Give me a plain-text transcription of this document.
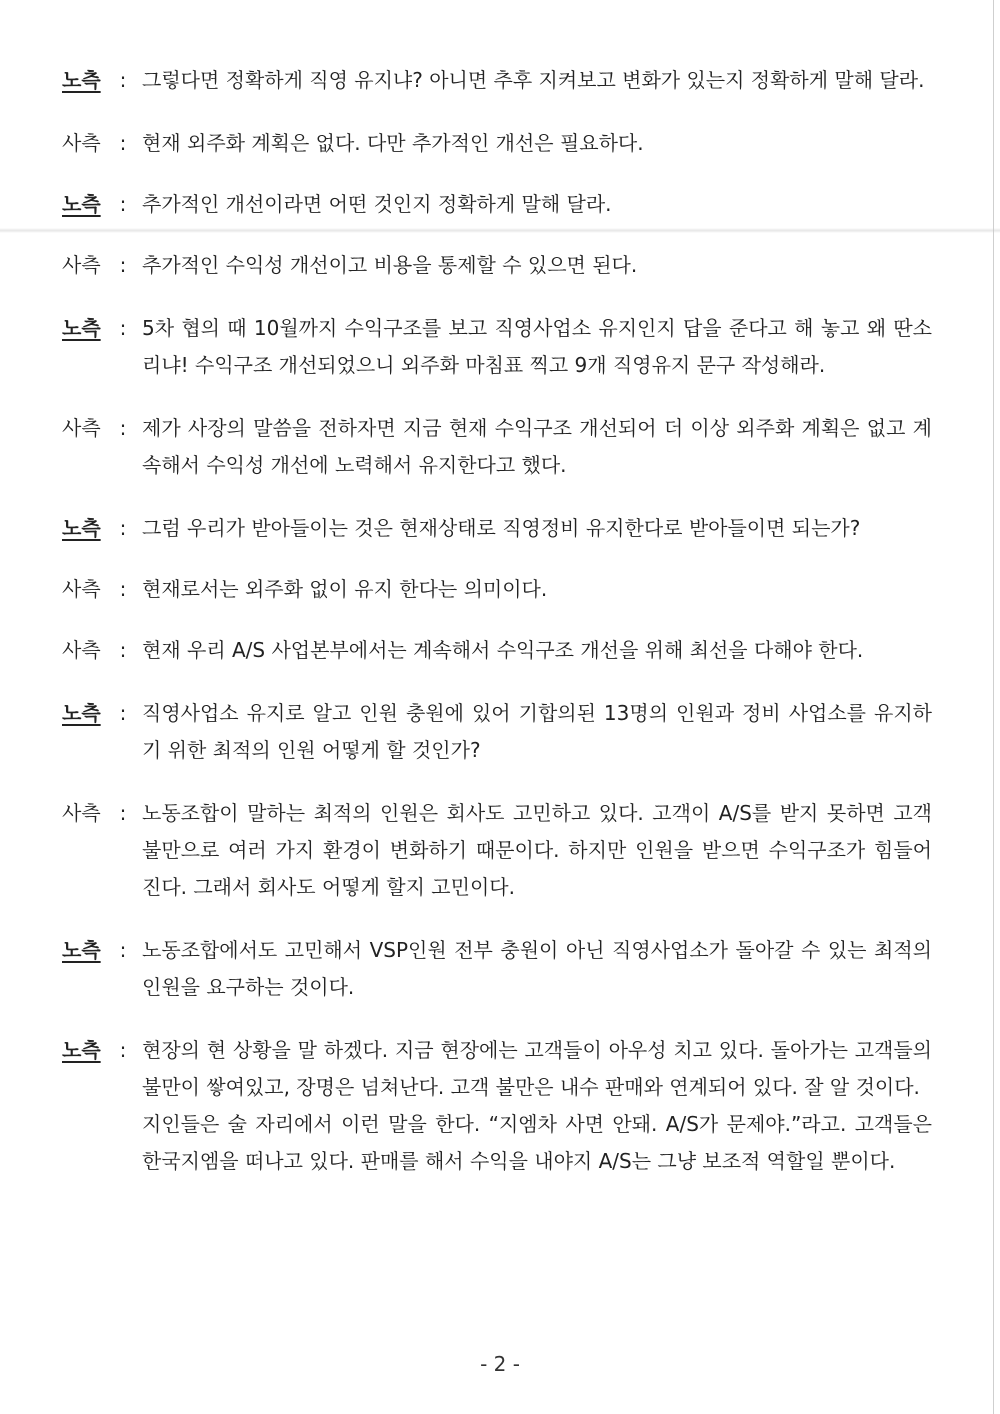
노측 : 그렇다면 정확하게 직영 유지냐? 아니면 추후 지켜보고 변화가 있는지 정확하게 말해 달라.
사측 : 현재 외주화 계획은 없다. 다만 추가적인 개선은 필요하다.
노측 : 추가적인 개선이라면 어떤 것인지 정확하게 말해 달라.
사측 : 추가적인 수익성 개선이고 비용을 통제할 수 있으면 된다.
노측 : 5차 협의 때 10월까지 수익구조를 보고 직영사업소 유지인지 답을 준다고 해 놓고 왜 딴소리냐! 수익구조 개선되었으니 외주화 마침표 찍고 9개 직영유지 문구 작성해라.
사측 : 제가 사장의 말씀을 전하자면 지금 현재 수익구조 개선되어 더 이상 외주화 계획은 없고 계속해서 수익성 개선에 노력해서 유지한다고 했다.
노측 : 그럼 우리가 받아들이는 것은 현재상태로 직영정비 유지한다로 받아들이면 되는가?
사측 : 현재로서는 외주화 없이 유지 한다는 의미이다.
사측 : 현재 우리 A/S 사업본부에서는 계속해서 수익구조 개선을 위해 최선을 다해야 한다.
노측 : 직영사업소 유지로 알고 인원 충원에 있어 기합의된 13명의 인원과 정비 사업소를 유지하기 위한 최적의 인원 어떻게 할 것인가?
사측 : 노동조합이 말하는 최적의 인원은 회사도 고민하고 있다. 고객이 A/S를 받지 못하면 고객 불만으로 여러 가지 환경이 변화하기 때문이다. 하지만 인원을 받으면 수익구조가 힘들어 진다. 그래서 회사도 어떻게 할지 고민이다.
노측 : 노동조합에서도 고민해서 VSP인원 전부 충원이 아닌 직영사업소가 돌아갈 수 있는 최적의 인원을 요구하는 것이다.
노측 : 현장의 현 상황을 말 하겠다. 지금 현장에는 고객들이 아우성 치고 있다. 돌아가는 고객들의 불만이 쌓여있고, 장명은 넘쳐난다. 고객 불만은 내수 판매와 연계되어 있다. 잘 알 것이다.
지인들은 술 자리에서 이런 말을 한다. “지엠차 사면 안돼. A/S가 문제야.”라고. 고객들은 한국지엠을 떠나고 있다. 판매를 해서 수익을 내야지 A/S는 그냥 보조적 역할일 뿐이다.
- 2 -
